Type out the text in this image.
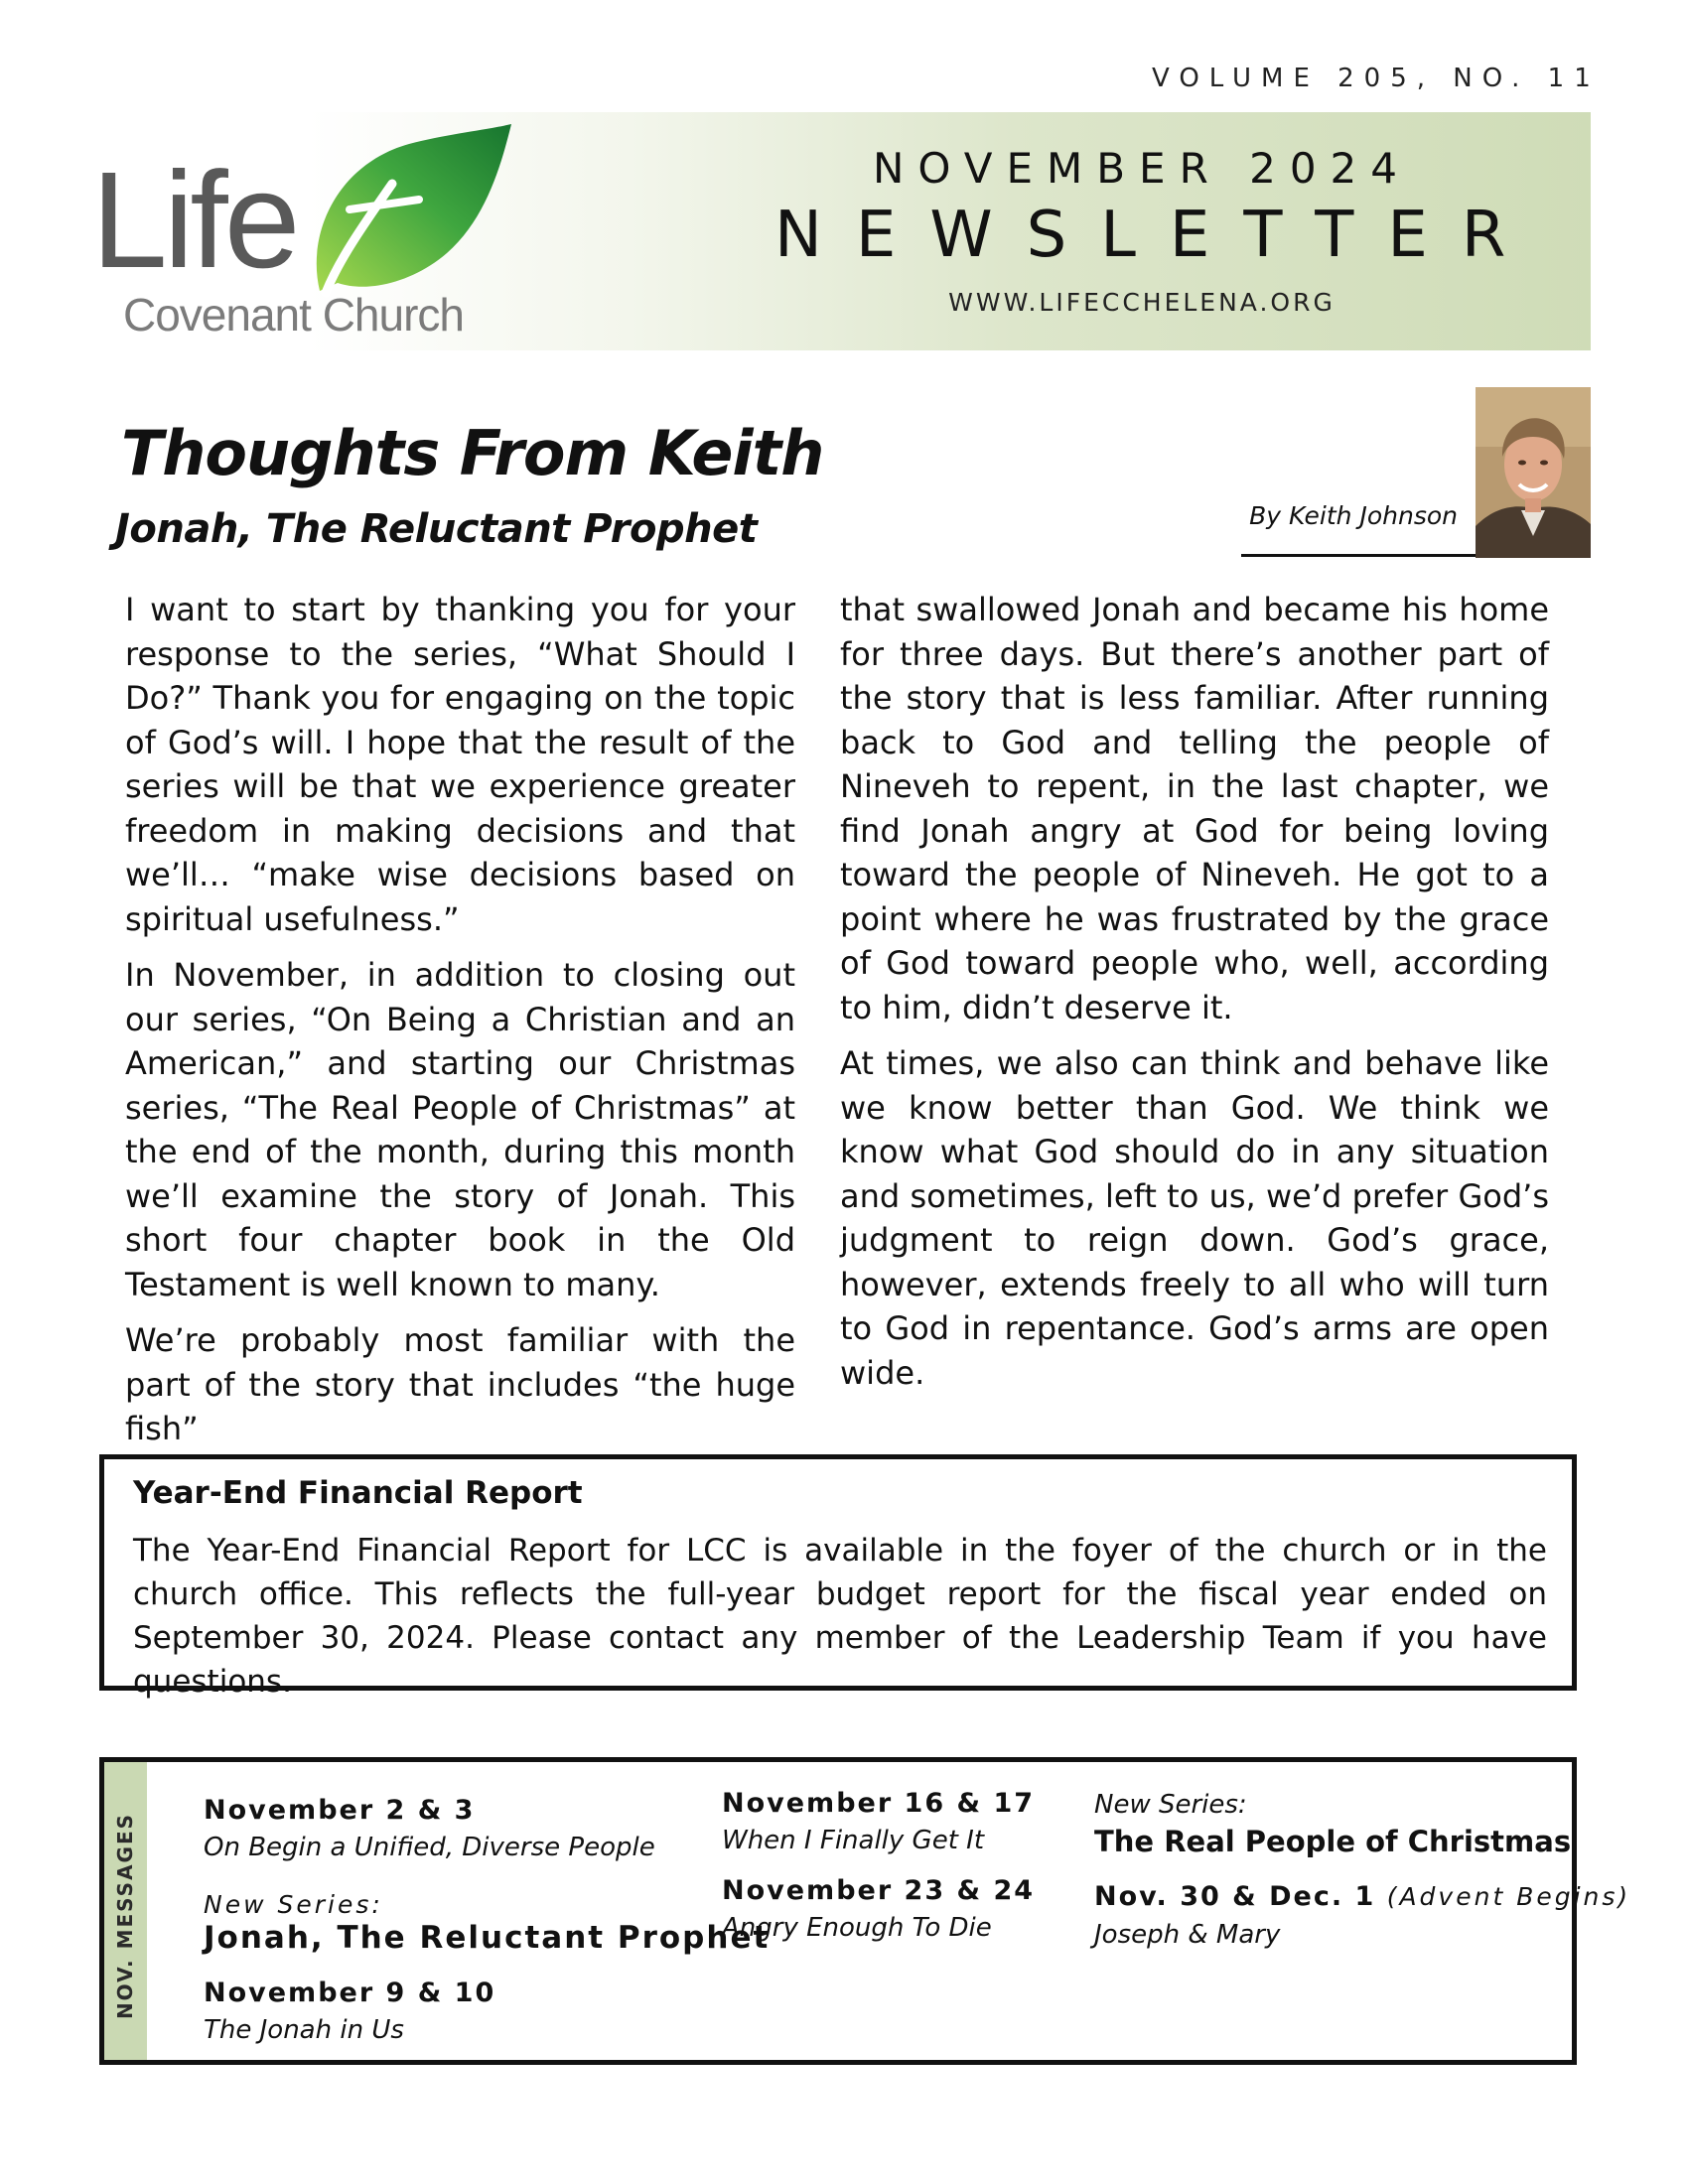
VOLUME 205, NO. 11
Life
Covenant Church
NOVEMBER 2024
NEWSLETTER
WWW.LIFECCHELENA.ORG
Thoughts From Keith
Jonah, The Reluctant Prophet	By Keith Johnson

I want to start by thanking you for your response to the series, “What Should I Do?” Thank you for engaging on the topic of God’s will. I hope that the result of the series will be that we experience greater freedom in making decisions and that we’ll… “make wise decisions based on spiritual usefulness.”

In November, in addition to closing out our series, “On Being a Christian and an American,” and starting our Christmas series, “The Real People of Christmas” at the end of the month, during this month we’ll examine the story of Jonah. This short four chapter book in the Old Testament is well known to many.

We’re probably most familiar with the part of the story that includes “the huge fish”

that swallowed Jonah and became his home for three days. But there’s another part of the story that is less familiar. After running back to God and telling the people of Nineveh to repent, in the last chapter, we find Jonah angry at God for being loving toward the people of Nineveh. He got to a point where he was frustrated by the grace of God toward people who, well, according to him, didn’t deserve it.

At times, we also can think and behave like we know better than God. We think we know what God should do in any situation and sometimes, left to us, we’d prefer God’s judgment to reign down. God’s grace, however, extends freely to all who will turn to God in repentance. God’s arms are open wide.

Year-End Financial Report
The Year-End Financial Report for LCC is available in the foyer of the church or in the church office. This reflects the full-year budget report for the fiscal year ended on September 30, 2024. Please contact any member of the Leadership Team if you have questions.
NOV. MESSAGES
November 2 & 3
On Begin a Unified, Diverse People
New Series:
Jonah, The Reluctant Prophet
November 9 & 10
The Jonah in Us
November 16 & 17
When I Finally Get It
November 23 & 24
Angry Enough To Die
New Series:
The Real People of Christmas
Nov. 30 & Dec. 1 (Advent Begins)
Joseph & Mary
